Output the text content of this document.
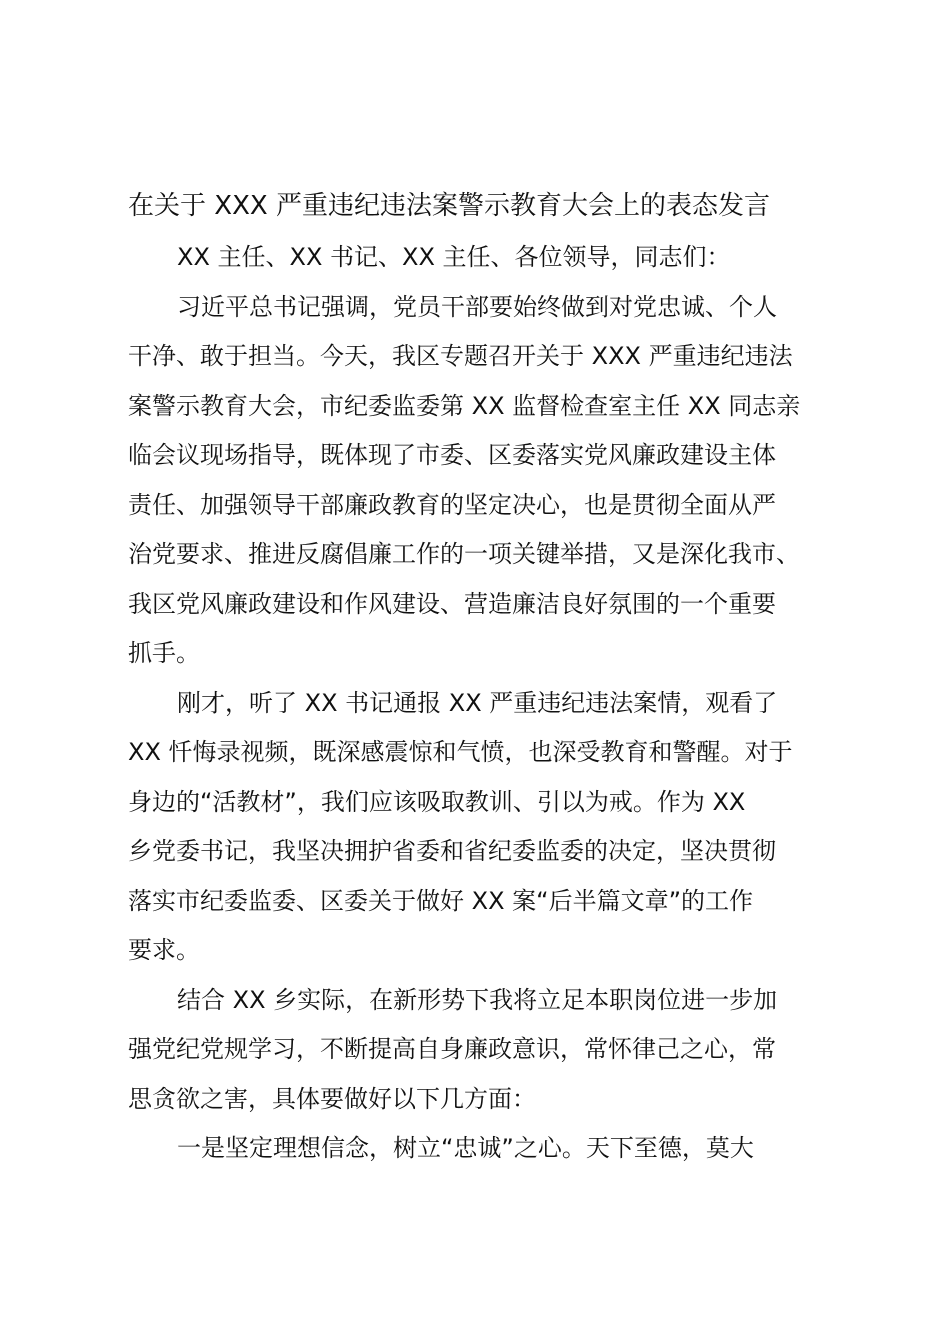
在关于 XXX 严重违纪违法案警示教育大会上的表态发言

XX 主任、XX 书记、XX 主任、各位领导，同志们：

习近平总书记强调，党员干部要始终做到对党忠诚、个人
干净、敢于担当。今天，我区专题召开关于 XXX 严重违纪违法
案警示教育大会，市纪委监委第 XX 监督检查室主任 XX 同志亲
临会议现场指导，既体现了市委、区委落实党风廉政建设主体
责任、加强领导干部廉政教育的坚定决心，也是贯彻全面从严
治党要求、推进反腐倡廉工作的一项关键举措，又是深化我市、
我区党风廉政建设和作风建设、营造廉洁良好氛围的一个重要
抓手。

刚才，听了 XX 书记通报 XX 严重违纪违法案情，观看了
XX 忏悔录视频，既深感震惊和气愤，也深受教育和警醒。对于
身边的“活教材”，我们应该吸取教训、引以为戒。作为 XX
乡党委书记，我坚决拥护省委和省纪委监委的决定，坚决贯彻
落实市纪委监委、区委关于做好 XX 案“后半篇文章”的工作
要求。

结合 XX 乡实际，在新形势下我将立足本职岗位进一步加
强党纪党规学习，不断提高自身廉政意识，常怀律己之心，常
思贪欲之害，具体要做好以下几方面：

一是坚定理想信念，树立“忠诚”之心。天下至德，莫大
